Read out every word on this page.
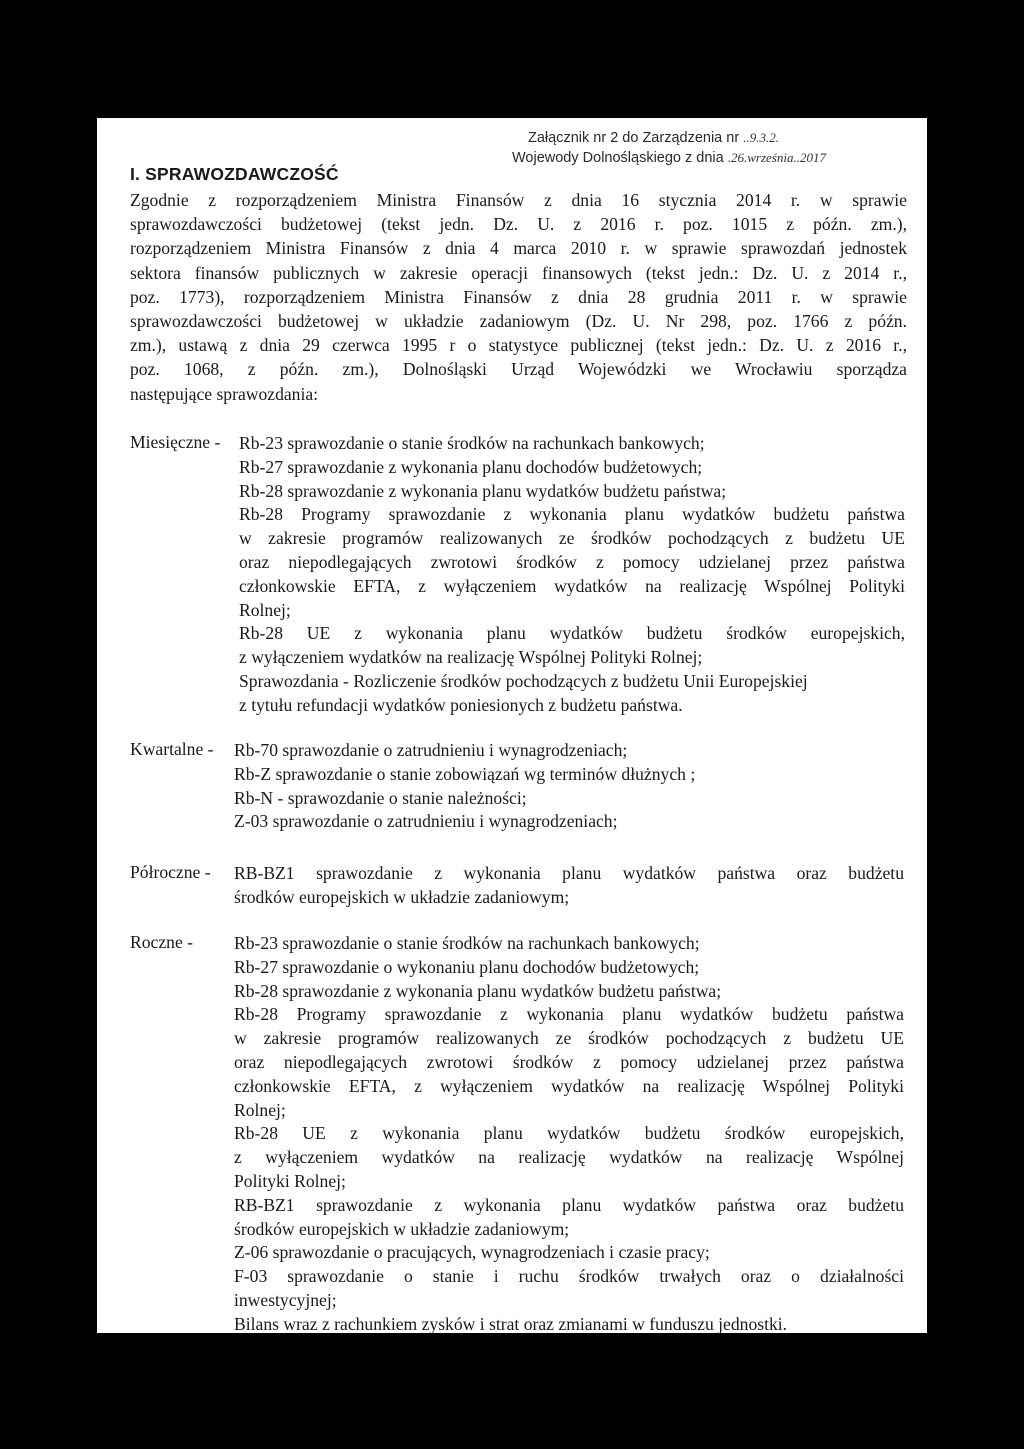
Załącznik nr 2 do Zarządzenia nr ..9.3.2.
Wojewody Dolnośląskiego z dnia .26.września..2017
I. SPRAWOZDAWCZOŚĆ
Zgodnie z rozporządzeniem Ministra Finansów z dnia 16 stycznia 2014 r. w sprawie
sprawozdawczości budżetowej (tekst jedn. Dz. U. z 2016 r. poz. 1015 z późn. zm.),
rozporządzeniem Ministra Finansów z dnia 4 marca 2010 r. w sprawie sprawozdań jednostek
sektora finansów publicznych w zakresie operacji finansowych (tekst jedn.: Dz. U. z 2014 r.,
poz. 1773), rozporządzeniem Ministra Finansów z dnia 28 grudnia 2011 r. w sprawie
sprawozdawczości budżetowej w układzie zadaniowym (Dz. U. Nr 298, poz. 1766 z późn.
zm.), ustawą z dnia 29 czerwca 1995 r o statystyce publicznej (tekst jedn.: Dz. U. z 2016 r.,
poz. 1068, z późn. zm.), Dolnośląski Urząd Wojewódzki we Wrocławiu sporządza
następujące sprawozdania:
Miesięczne - Rb-23 sprawozdanie o stanie środków na rachunkach bankowych;
Rb-27 sprawozdanie z wykonania planu dochodów budżetowych;
Rb-28 sprawozdanie z wykonania planu wydatków budżetu państwa;
Rb-28 Programy sprawozdanie z wykonania planu wydatków budżetu państwa
w zakresie programów realizowanych ze środków pochodzących z budżetu UE
oraz niepodlegających zwrotowi środków z pomocy udzielanej przez państwa
członkowskie EFTA, z wyłączeniem wydatków na realizację Wspólnej Polityki
Rolnej;
Rb-28 UE z wykonania planu wydatków budżetu środków europejskich,
z wyłączeniem wydatków na realizację Wspólnej Polityki Rolnej;
Sprawozdania - Rozliczenie środków pochodzących z budżetu Unii Europejskiej
z tytułu refundacji wydatków poniesionych z budżetu państwa.
Kwartalne - Rb-70 sprawozdanie o zatrudnieniu i wynagrodzeniach;
Rb-Z sprawozdanie o stanie zobowiązań wg terminów dłużnych ;
Rb-N - sprawozdanie o stanie należności;
Z-03 sprawozdanie o zatrudnieniu i wynagrodzeniach;
Półroczne - RB-BZ1 sprawozdanie z wykonania planu wydatków państwa oraz budżetu
środków europejskich w układzie zadaniowym;
Roczne - Rb-23 sprawozdanie o stanie środków na rachunkach bankowych;
Rb-27 sprawozdanie o wykonaniu planu dochodów budżetowych;
Rb-28 sprawozdanie z wykonania planu wydatków budżetu państwa;
Rb-28 Programy sprawozdanie z wykonania planu wydatków budżetu państwa
w zakresie programów realizowanych ze środków pochodzących z budżetu UE
oraz niepodlegających zwrotowi środków z pomocy udzielanej przez państwa
członkowskie EFTA, z wyłączeniem wydatków na realizację Wspólnej Polityki
Rolnej;
Rb-28 UE z wykonania planu wydatków budżetu środków europejskich,
z wyłączeniem wydatków na realizację wydatków na realizację Wspólnej
Polityki Rolnej;
RB-BZ1 sprawozdanie z wykonania planu wydatków państwa oraz budżetu
środków europejskich w układzie zadaniowym;
Z-06 sprawozdanie o pracujących, wynagrodzeniach i czasie pracy;
F-03 sprawozdanie o stanie i ruchu środków trwałych oraz o działalności
inwestycyjnej;
Bilans wraz z rachunkiem zysków i strat oraz zmianami w funduszu jednostki.
